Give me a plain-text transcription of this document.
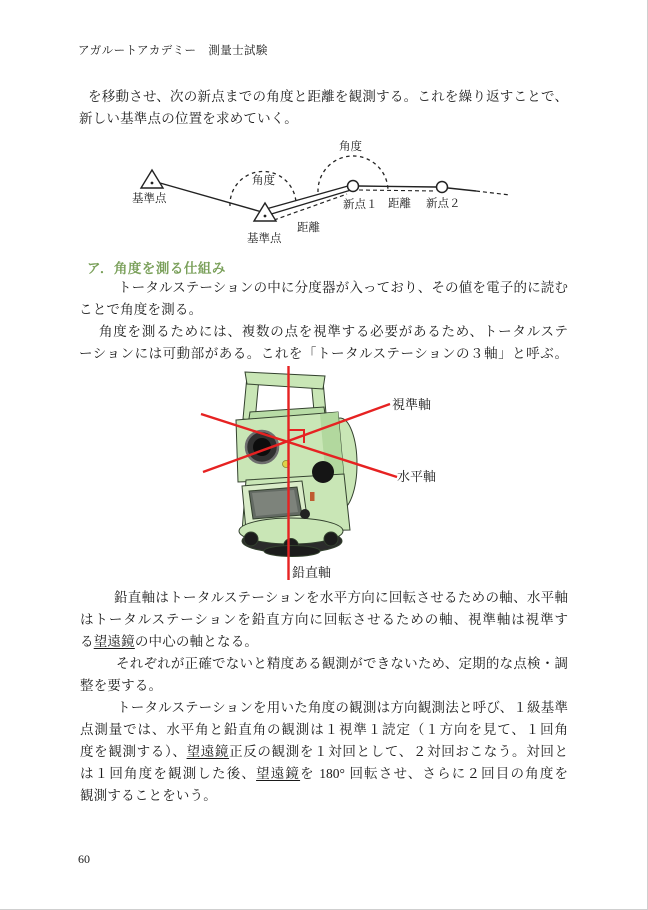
アガルートアカデミー　測量士試験
を移動させ、次の新点までの角度と距離を観測する。これを繰り返すことで、
新しい基準点の位置を求めていく。
基準点
基準点
角度
角度
距離
距離
新点１	新点２
ア．角度を測る仕組み
トータルステーションの中に分度器が入っており、その値を電子的に読む
ことで角度を測る。
角度を測るためには、複数の点を視準する必要があるため、トータルステ
ーションには可動部がある。これを「トータルステーションの３軸」と呼ぶ。
視準軸
水平軸
鉛直軸
鉛直軸はトータルステーションを水平方向に回転させるための軸、水平軸
はトータルステーションを鉛直方向に回転させるための軸、視準軸は視準す
る望遠鏡の中心の軸となる。
それぞれが正確でないと精度ある観測ができないため、定期的な点検・調
整を要する。
トータルステーションを用いた角度の観測は方向観測法と呼び、１級基準
点測量では、水平角と鉛直角の観測は１視準１読定（１方向を見て、１回角
度を観測する）、望遠鏡正反の観測を１対回として、２対回おこなう。対回と
は１回角度を観測した後、望遠鏡を 180° 回転させ、さらに２回目の角度を
観測することをいう。
60
